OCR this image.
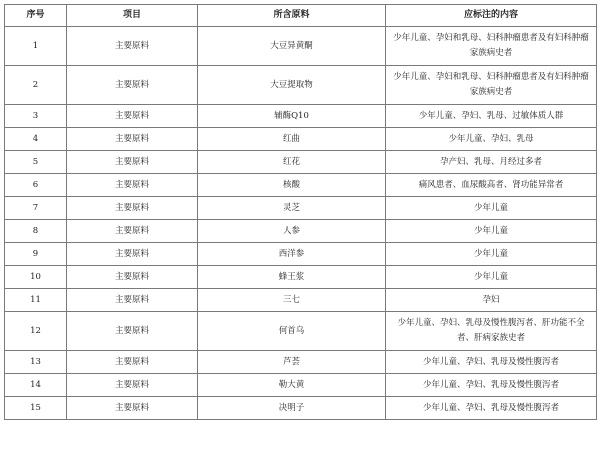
序号	项目	所含原料	应标注的内容
1	主要原料	大豆异黄酮	少年儿童、孕妇和乳母、妇科肿瘤患者及有妇科肿瘤家族病史者
2	主要原料	大豆提取物	少年儿童、孕妇和乳母、妇科肿瘤患者及有妇科肿瘤家族病史者
3	主要原料	辅酶Q10	少年儿童、孕妇、乳母、过敏体质人群
4	主要原料	红曲	少年儿童、孕妇、乳母
5	主要原料	红花	孕产妇、乳母、月经过多者
6	主要原料	核酸	痛风患者、血尿酸高者、肾功能异常者
7	主要原料	灵芝	少年儿童
8	主要原料	人参	少年儿童
9	主要原料	西洋参	少年儿童
10	主要原料	蜂王浆	少年儿童
11	主要原料	三七	孕妇
12	主要原料	何首乌	少年儿童、孕妇、乳母及慢性腹泻者、肝功能不全者、肝病家族史者
13	主要原料	芦荟	少年儿童、孕妇、乳母及慢性腹泻者
14	主要原料	勒大黄	少年儿童、孕妇、乳母及慢性腹泻者
15	主要原料	决明子	少年儿童、孕妇、乳母及慢性腹泻者
